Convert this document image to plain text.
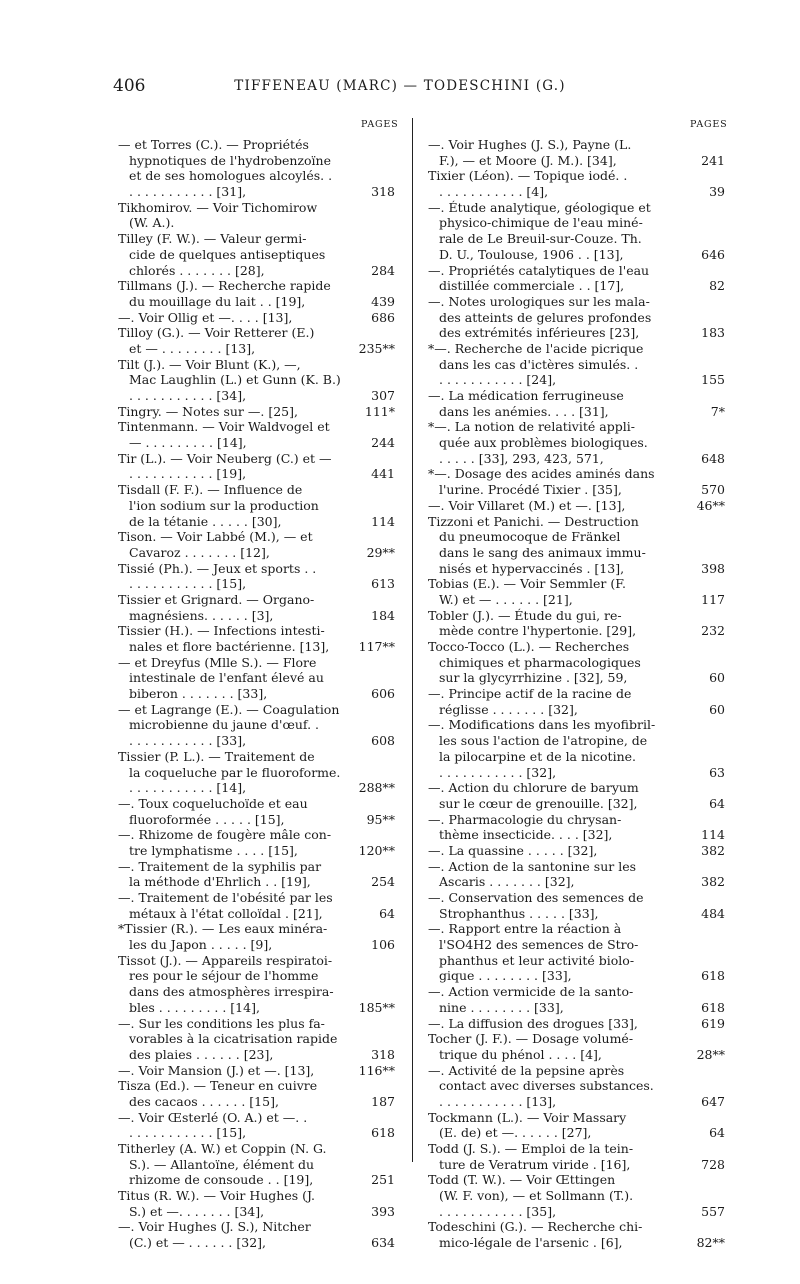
406	TIFFENEAU (MARC) — TODESCHINI (G.)
PAGES	PAGES
— et Torres (C.). — Propriétés
hypnotiques de l'hydrobenzoïne
et de ses homologues alcoylés. .
. . . . . . . . . . . [31],	318
Tikhomirov. — Voir Tichomirow
(W. A.).
Tilley (F. W.). — Valeur germi-
cide de quelques antiseptiques
chlorés . . . . . . . [28],	284
Tillmans (J.). — Recherche rapide
du mouillage du lait . . [19],	439
—. Voir Ollig et —. . . . [13],	686
Tilloy (G.). — Voir Retterer (E.)
et — . . . . . . . . [13],	235**
Tilt (J.). — Voir Blunt (K.), —,
Mac Laughlin (L.) et Gunn (K. B.)
. . . . . . . . . . . [34],	307
Tingry. — Notes sur —. [25],	111*
Tintenmann. — Voir Waldvogel et
— . . . . . . . . . [14],	244
Tir (L.). — Voir Neuberg (C.) et —
. . . . . . . . . . . [19],	441
Tisdall (F. F.). — Influence de
l'ion sodium sur la production
de la tétanie . . . . . [30],	114
Tison. — Voir Labbé (M.), — et
Cavaroz . . . . . . . [12],	29**
Tissié (Ph.). — Jeux et sports . .
. . . . . . . . . . . [15],	613
Tissier et Grignard. — Organo-
magnésiens. . . . . . [3],	184
Tissier (H.). — Infections intesti-
nales et flore bactérienne. [13],	117**
— et Dreyfus (Mlle S.). — Flore
intestinale de l'enfant élevé au
biberon . . . . . . . [33],	606
— et Lagrange (E.). — Coagulation
microbienne du jaune d'œuf. .
. . . . . . . . . . . [33],	608
Tissier (P. L.). — Traitement de
la coqueluche par le fluoroforme.
. . . . . . . . . . . [14],	288**
—. Toux coqueluchoïde et eau
fluoroformée . . . . . [15],	95**
—. Rhizome de fougère mâle con-
tre lymphatisme . . . . [15],	120**
—. Traitement de la syphilis par
la méthode d'Ehrlich . . [19],	254
—. Traitement de l'obésité par les
métaux à l'état colloïdal . [21],	64
*Tissier (R.). — Les eaux minéra-
les du Japon . . . . . [9],	106
Tissot (J.). — Appareils respiratoi-
res pour le séjour de l'homme
dans des atmosphères irrespira-
bles . . . . . . . . . [14],	185**
—. Sur les conditions les plus fa-
vorables à la cicatrisation rapide
des plaies . . . . . . [23],	318
—. Voir Mansion (J.) et —. [13],	116**
Tisza (Ed.). — Teneur en cuivre
des cacaos . . . . . . [15],	187
—. Voir Œsterlé (O. A.) et —. .
. . . . . . . . . . . [15],	618
Titherley (A. W.) et Coppin (N. G.
S.). — Allantoïne, élément du
rhizome de consoude . . [19],	251
Titus (R. W.). — Voir Hughes (J.
S.) et —. . . . . . . [34],	393
—. Voir Hughes (J. S.), Nitcher
(C.) et — . . . . . . [32],	634
—. Voir Hughes (J. S.), Payne (L.
F.), — et Moore (J. M.). [34],	241
Tixier (Léon). — Topique iodé. .
. . . . . . . . . . . [4],	39
—. Étude analytique, géologique et
physico-chimique de l'eau miné-
rale de Le Breuil-sur-Couze. Th.
D. U., Toulouse, 1906 . . [13],	646
—. Propriétés catalytiques de l'eau
distillée commerciale . . [17],	82
—. Notes urologiques sur les mala-
des atteints de gelures profondes
des extrémités inférieures [23],	183
*—. Recherche de l'acide picrique
dans les cas d'ictères simulés. .
. . . . . . . . . . . [24],	155
—. La médication ferrugineuse
dans les anémies. . . . [31],	7*
*—. La notion de relativité appli-
quée aux problèmes biologiques.
. . . . . [33], 293, 423, 571,	648
*—. Dosage des acides aminés dans
l'urine. Procédé Tixier . [35],	570
—. Voir Villaret (M.) et —. [13],	46**
Tizzoni et Panichi. — Destruction
du pneumocoque de Fränkel
dans le sang des animaux immu-
nisés et hypervaccinés . [13],	398
Tobias (E.). — Voir Semmler (F.
W.) et — . . . . . . [21],	117
Tobler (J.). — Étude du gui, re-
mède contre l'hypertonie. [29],	232
Tocco-Tocco (L.). — Recherches
chimiques et pharmacologiques
sur la glycyrrhizine . [32], 59,	60
—. Principe actif de la racine de
réglisse . . . . . . . [32],	60
—. Modifications dans les myofibril-
les sous l'action de l'atropine, de
la pilocarpine et de la nicotine.
. . . . . . . . . . . [32],	63
—. Action du chlorure de baryum
sur le cœur de grenouille. [32],	64
—. Pharmacologie du chrysan-
thème insecticide. . . . [32],	114
—. La quassine . . . . . [32],	382
—. Action de la santonine sur les
Ascaris . . . . . . . [32],	382
—. Conservation des semences de
Strophanthus . . . . . [33],	484
—. Rapport entre la réaction à
l'SO4H2 des semences de Stro-
phanthus et leur activité biolo-
gique . . . . . . . . [33],	618
—. Action vermicide de la santo-
nine . . . . . . . . [33],	618
—. La diffusion des drogues [33],	619
Tocher (J. F.). — Dosage volumé-
trique du phénol . . . . [4],	28**
—. Activité de la pepsine après
contact avec diverses substances.
. . . . . . . . . . . [13],	647
Tockmann (L.). — Voir Massary
(E. de) et —. . . . . . [27],	64
Todd (J. S.). — Emploi de la tein-
ture de Veratrum viride . [16],	728
Todd (T. W.). — Voir Œttingen
(W. F. von), — et Sollmann (T.).
. . . . . . . . . . . [35],	557
Todeschini (G.). — Recherche chi-
mico-légale de l'arsenic . [6],	82**
